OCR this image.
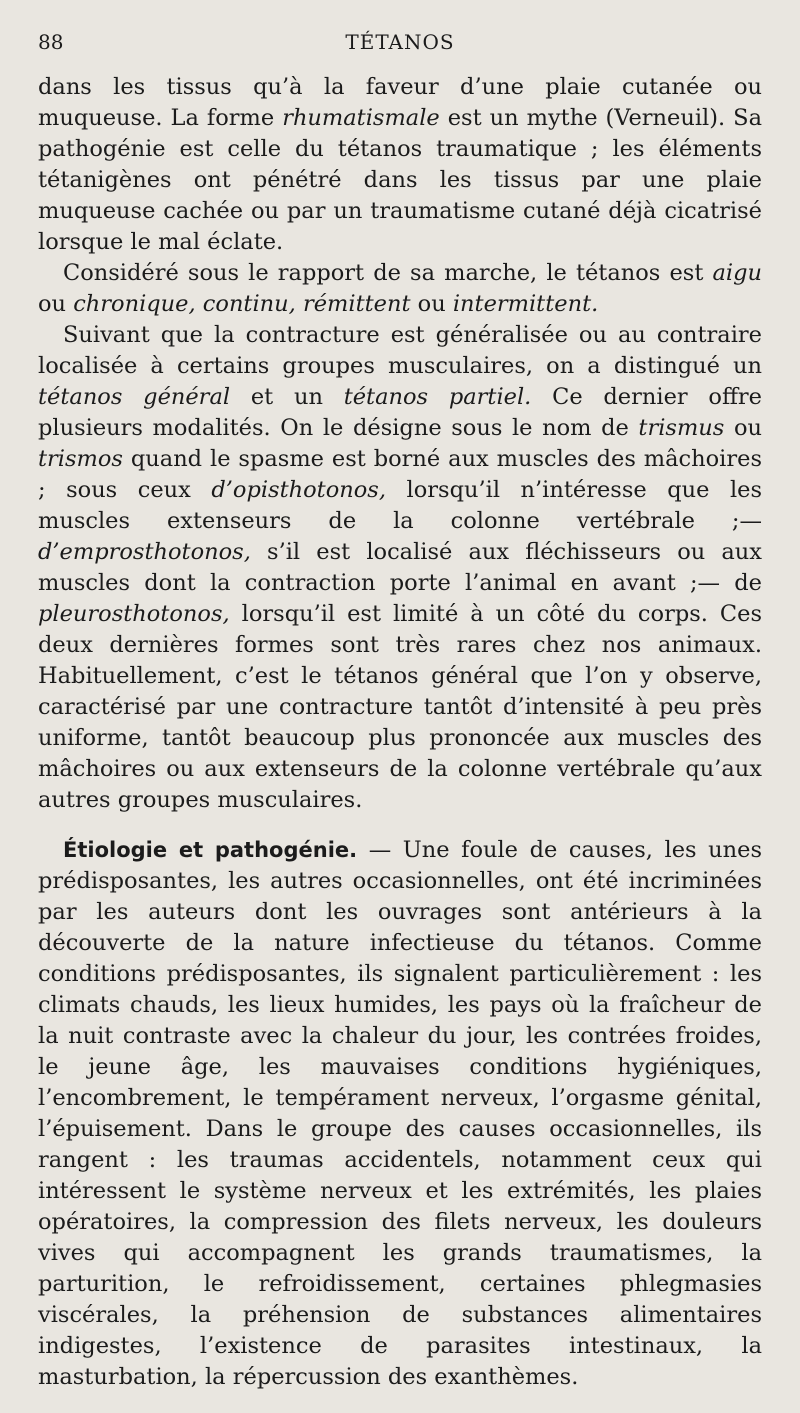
88	TÉTANOS

dans les tissus qu’à la faveur d’une plaie cutanée ou muqueuse. La forme rhumatismale est un mythe (Verneuil). Sa pathogénie est celle du tétanos traumatique ; les éléments tétanigènes ont pénétré dans les tissus par une plaie muqueuse cachée ou par un traumatisme cutané déjà cicatrisé lorsque le mal éclate.

Considéré sous le rapport de sa marche, le tétanos est aigu ou chronique, continu, rémittent ou intermittent.

Suivant que la contracture est généralisée ou au contraire localisée à certains groupes musculaires, on a distingué un tétanos général et un tétanos partiel. Ce dernier offre plusieurs modalités. On le désigne sous le nom de trismus ou trismos quand le spasme est borné aux muscles des mâchoires ; sous ceux d’opisthotonos, lorsqu’il n’intéresse que les muscles extenseurs de la colonne vertébrale ;— d’emprosthotonos, s’il est localisé aux fléchisseurs ou aux muscles dont la contraction porte l’animal en avant ;— de pleurosthotonos, lorsqu’il est limité à un côté du corps. Ces deux dernières formes sont très rares chez nos animaux. Habituellement, c’est le tétanos général que l’on y observe, caractérisé par une contracture tantôt d’intensité à peu près uniforme, tantôt beaucoup plus prononcée aux muscles des mâchoires ou aux extenseurs de la colonne vertébrale qu’aux autres groupes musculaires.

Étiologie et pathogénie. — Une foule de causes, les unes prédisposantes, les autres occasionnelles, ont été incriminées par les auteurs dont les ouvrages sont antérieurs à la découverte de la nature infectieuse du tétanos. Comme conditions prédisposantes, ils signalent particulièrement : les climats chauds, les lieux humides, les pays où la fraîcheur de la nuit contraste avec la chaleur du jour, les contrées froides, le jeune âge, les mauvaises conditions hygiéniques, l’encombrement, le tempérament nerveux, l’orgasme génital, l’épuisement. Dans le groupe des causes occasionnelles, ils rangent : les traumas accidentels, notamment ceux qui intéressent le système nerveux et les extrémités, les plaies opératoires, la compression des filets nerveux, les douleurs vives qui accompagnent les grands traumatismes, la parturition, le refroidissement, certaines phlegmasies viscérales, la préhension de substances alimentaires indigestes, l’existence de parasites intestinaux, la masturbation, la répercussion des exanthèmes.
